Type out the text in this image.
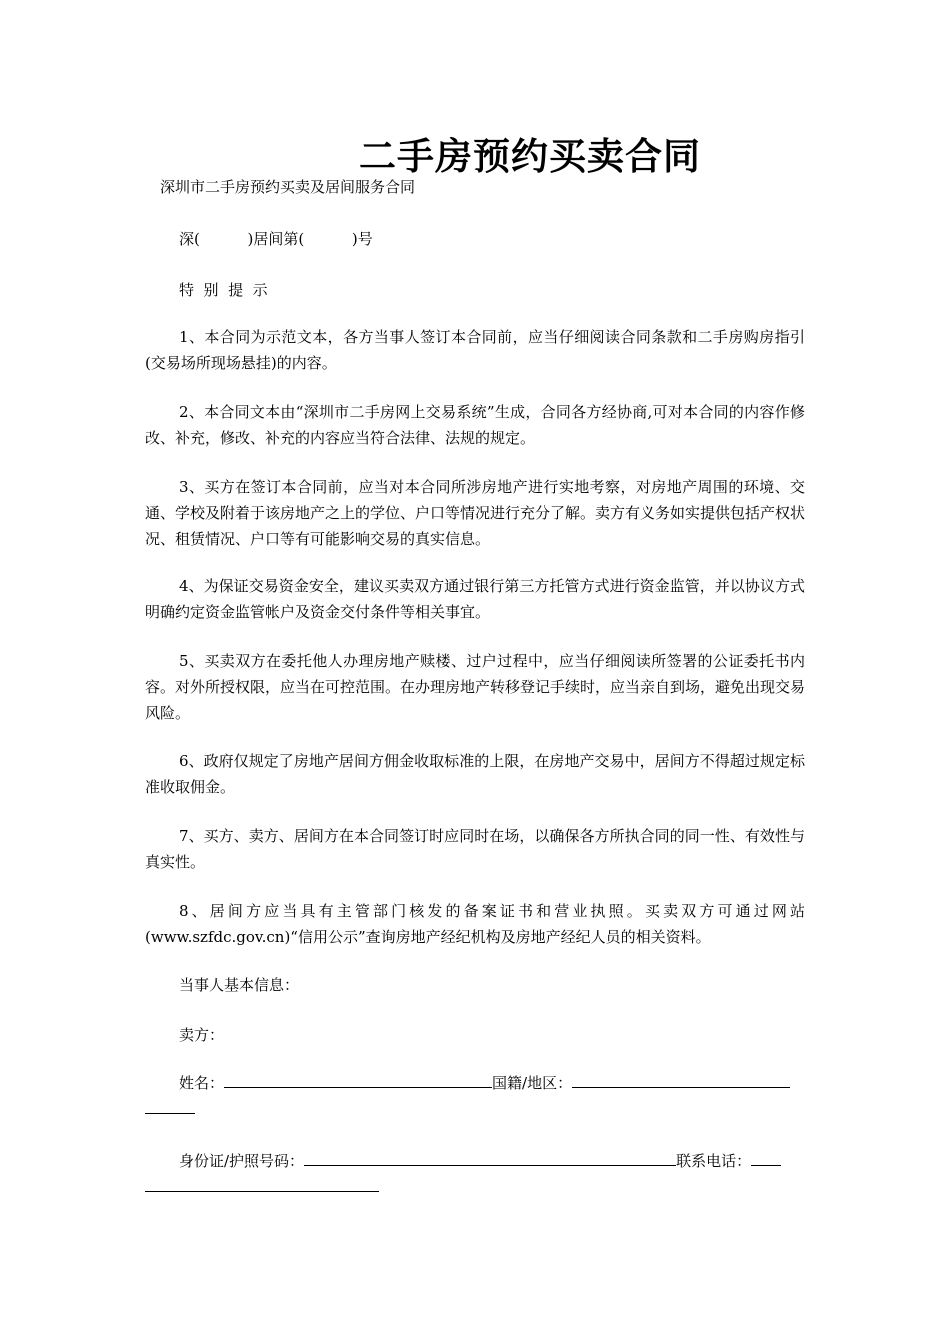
二手房预约买卖合同
深圳市二手房预约买卖及居间服务合同
深(          )居间第(          )号
特  别  提  示
1、本合同为示范文本，各方当事人签订本合同前，应当仔细阅读合同条款和二手房购房指引(交易场所现场悬挂)的内容。
2、本合同文本由“深圳市二手房网上交易系统”生成，合同各方经协商,可对本合同的内容作修改、补充，修改、补充的内容应当符合法律、法规的规定。
3、买方在签订本合同前，应当对本合同所涉房地产进行实地考察，对房地产周围的环境、交通、学校及附着于该房地产之上的学位、户口等情况进行充分了解。卖方有义务如实提供包括产权状况、租赁情况、户口等有可能影响交易的真实信息。
4、为保证交易资金安全，建议买卖双方通过银行第三方托管方式进行资金监管，并以协议方式明确约定资金监管帐户及资金交付条件等相关事宜。
5、买卖双方在委托他人办理房地产赎楼、过户过程中，应当仔细阅读所签署的公证委托书内容。对外所授权限，应当在可控范围。在办理房地产转移登记手续时，应当亲自到场，避免出现交易风险。
6、政府仅规定了房地产居间方佣金收取标准的上限，在房地产交易中，居间方不得超过规定标准收取佣金。
7、买方、卖方、居间方在本合同签订时应同时在场，以确保各方所执合同的同一性、有效性与真实性。
8、居间方应当具有主管部门核发的备案证书和营业执照。买卖双方可通过网站(www.szfdc.gov.cn)“信用公示”查询房地产经纪机构及房地产经纪人员的相关资料。
当事人基本信息：
卖方：
姓名：	国籍/地区：
身份证/护照号码：	联系电话：
